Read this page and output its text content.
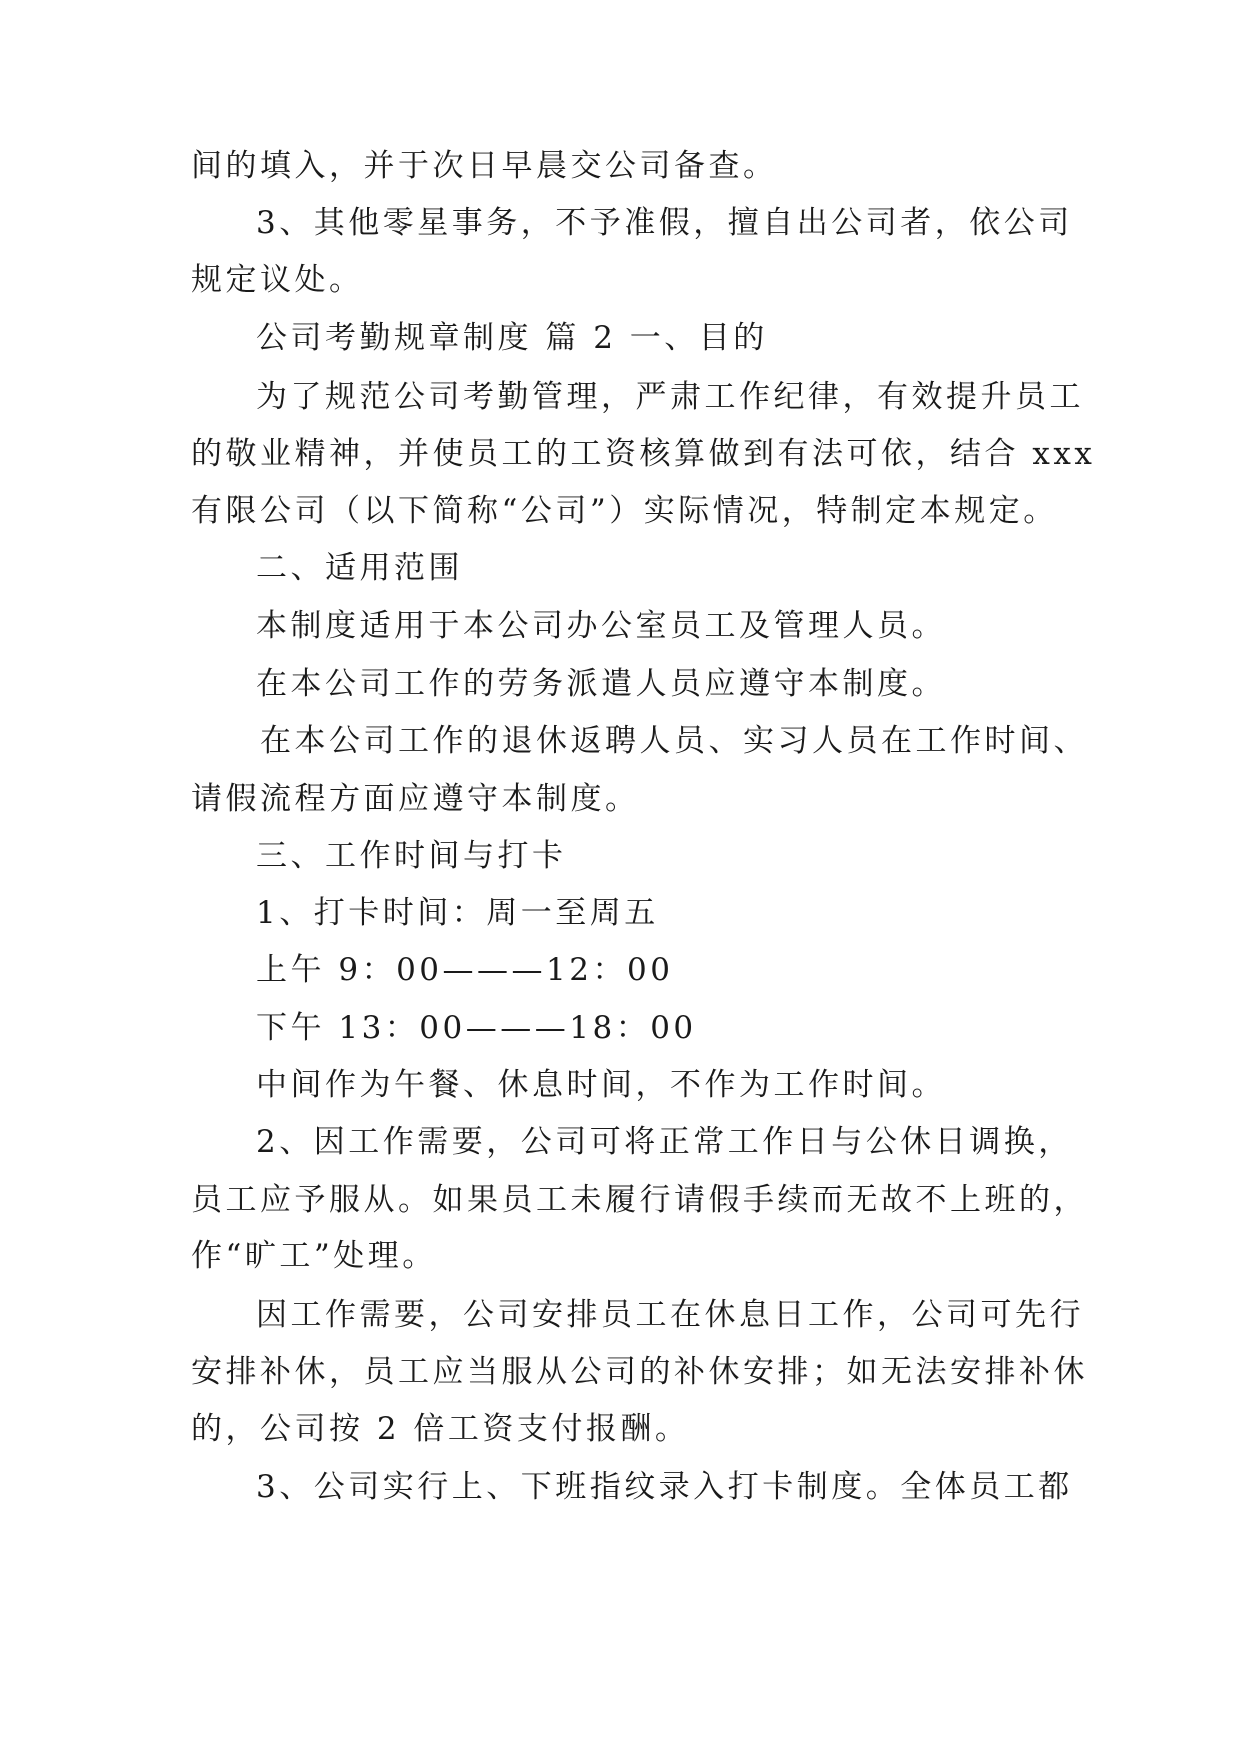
间的填入，并于次日早晨交公司备查。
3、其他零星事务，不予准假，擅自出公司者，依公司
规定议处。
公司考勤规章制度 篇 2 一、目的
为了规范公司考勤管理，严肃工作纪律，有效提升员工
的敬业精神，并使员工的工资核算做到有法可依，结合 xxx
有限公司（以下简称“公司”）实际情况，特制定本规定。
二、适用范围
本制度适用于本公司办公室员工及管理人员。
在本公司工作的劳务派遣人员应遵守本制度。
在本公司工作的退休返聘人员、实习人员在工作时间、
请假流程方面应遵守本制度。
三、工作时间与打卡
1、打卡时间：周一至周五
上午 9：00———12：00
下午 13：00———18：00
中间作为午餐、休息时间，不作为工作时间。
2、因工作需要，公司可将正常工作日与公休日调换，
员工应予服从。如果员工未履行请假手续而无故不上班的，
作“旷工”处理。
因工作需要，公司安排员工在休息日工作，公司可先行
安排补休，员工应当服从公司的补休安排；如无法安排补休
的，公司按 2 倍工资支付报酬。
3、公司实行上、下班指纹录入打卡制度。全体员工都
